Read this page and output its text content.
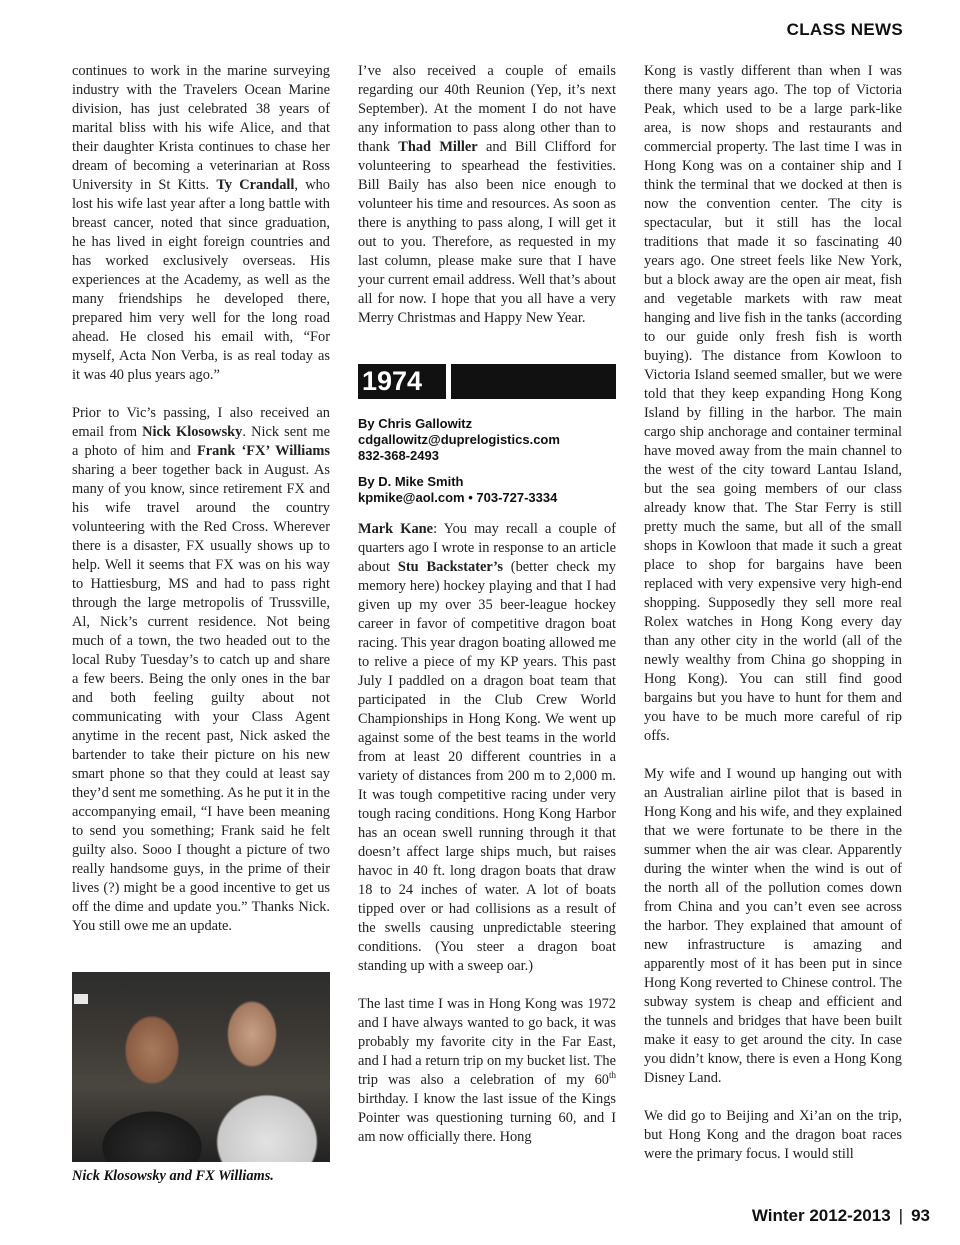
CLASS NEWS

continues to work in the marine surveying industry with the Travelers Ocean Marine division, has just celebrated 38 years of marital bliss with his wife Alice, and that their daughter Krista continues to chase her dream of becoming a veterinarian at Ross University in St Kitts. Ty Crandall, who lost his wife last year after a long battle with breast cancer, noted that since graduation, he has lived in eight foreign countries and has worked exclusively overseas. His experiences at the Academy, as well as the many friendships he developed there, prepared him very well for the long road ahead. He closed his email with, “For myself, Acta Non Verba, is as real today as it was 40 plus years ago.”

Prior to Vic’s passing, I also received an email from Nick Klosowsky. Nick sent me a photo of him and Frank ‘FX’ Williams sharing a beer together back in August. As many of you know, since retirement FX and his wife travel around the country volunteering with the Red Cross. Wherever there is a disaster, FX usually shows up to help. Well it seems that FX was on his way to Hattiesburg, MS and had to pass right through the large metropolis of Trussville, Al, Nick’s current residence. Not being much of a town, the two headed out to the local Ruby Tuesday’s to catch up and share a few beers. Being the only ones in the bar and both feeling guilty about not communicating with your Class Agent anytime in the recent past, Nick asked the bartender to take their picture on his new smart phone so that they could at least say they’d sent me something. As he put it in the accompanying email, “I have been meaning to send you something; Frank said he felt guilty also. Sooo I thought a picture of two really handsome guys, in the prime of their lives (?) might be a good incentive to get us off the dime and update you.” Thanks Nick. You still owe me an update.

Nick Klosowsky and FX Williams.

I’ve also received a couple of emails regarding our 40th Reunion (Yep, it’s next September). At the moment I do not have any information to pass along other than to thank Thad Miller and Bill Clifford for volunteering to spearhead the festivities. Bill Baily has also been nice enough to volunteer his time and resources. As soon as there is anything to pass along, I will get it out to you. Therefore, as requested in my last column, please make sure that I have your current email address. Well that’s about all for now. I hope that you all have a very Merry Christmas and Happy New Year.

1974
By Chris Gallowitz
cdgallowitz@duprelogistics.com
832-368-2493
By D. Mike Smith
kpmike@aol.com • 703-727-3334

Mark Kane: You may recall a couple of quarters ago I wrote in response to an article about Stu Backstater’s (better check my memory here) hockey playing and that I had given up my over 35 beer-league hockey career in favor of competitive dragon boat racing. This year dragon boating allowed me to relive a piece of my KP years. This past July I paddled on a dragon boat team that participated in the Club Crew World Championships in Hong Kong. We went up against some of the best teams in the world from at least 20 different countries in a variety of distances from 200 m to 2,000 m. It was tough competitive racing under very tough racing conditions. Hong Kong Harbor has an ocean swell running through it that doesn’t affect large ships much, but raises havoc in 40 ft. long dragon boats that draw 18 to 24 inches of water. A lot of boats tipped over or had collisions as a result of the swells causing unpredictable steering conditions. (You steer a dragon boat standing up with a sweep oar.)

The last time I was in Hong Kong was 1972 and I have always wanted to go back, it was probably my favorite city in the Far East, and I had a return trip on my bucket list. The trip was also a celebration of my 60th birthday. I know the last issue of the Kings Pointer was questioning turning 60, and I am now officially there. Hong

Kong is vastly different than when I was there many years ago. The top of Victoria Peak, which used to be a large park-like area, is now shops and restaurants and commercial property. The last time I was in Hong Kong was on a container ship and I think the terminal that we docked at then is now the convention center. The city is spectacular, but it still has the local traditions that made it so fascinating 40 years ago. One street feels like New York, but a block away are the open air meat, fish and vegetable markets with raw meat hanging and live fish in the tanks (according to our guide only fresh fish is worth buying). The distance from Kowloon to Victoria Island seemed smaller, but we were told that they keep expanding Hong Kong Island by filling in the harbor. The main cargo ship anchorage and container terminal have moved away from the main channel to the west of the city toward Lantau Island, but the sea going members of our class already know that. The Star Ferry is still pretty much the same, but all of the small shops in Kowloon that made it such a great place to shop for bargains have been replaced with very expensive very high-end shopping. Supposedly they sell more real Rolex watches in Hong Kong every day than any other city in the world (all of the newly wealthy from China go shopping in Hong Kong). You can still find good bargains but you have to hunt for them and you have to be much more careful of rip offs.

My wife and I wound up hanging out with an Australian airline pilot that is based in Hong Kong and his wife, and they explained that we were fortunate to be there in the summer when the air was clear. Apparently during the winter when the wind is out of the north all of the pollution comes down from China and you can’t even see across the harbor. They explained that amount of new infrastructure is amazing and apparently most of it has been put in since Hong Kong reverted to Chinese control. The subway system is cheap and efficient and the tunnels and bridges that have been built make it easy to get around the city. In case you didn’t know, there is even a Hong Kong Disney Land.

We did go to Beijing and Xi’an on the trip, but Hong Kong and the dragon boat races were the primary focus. I would still

Winter 2012-2013 | 93
